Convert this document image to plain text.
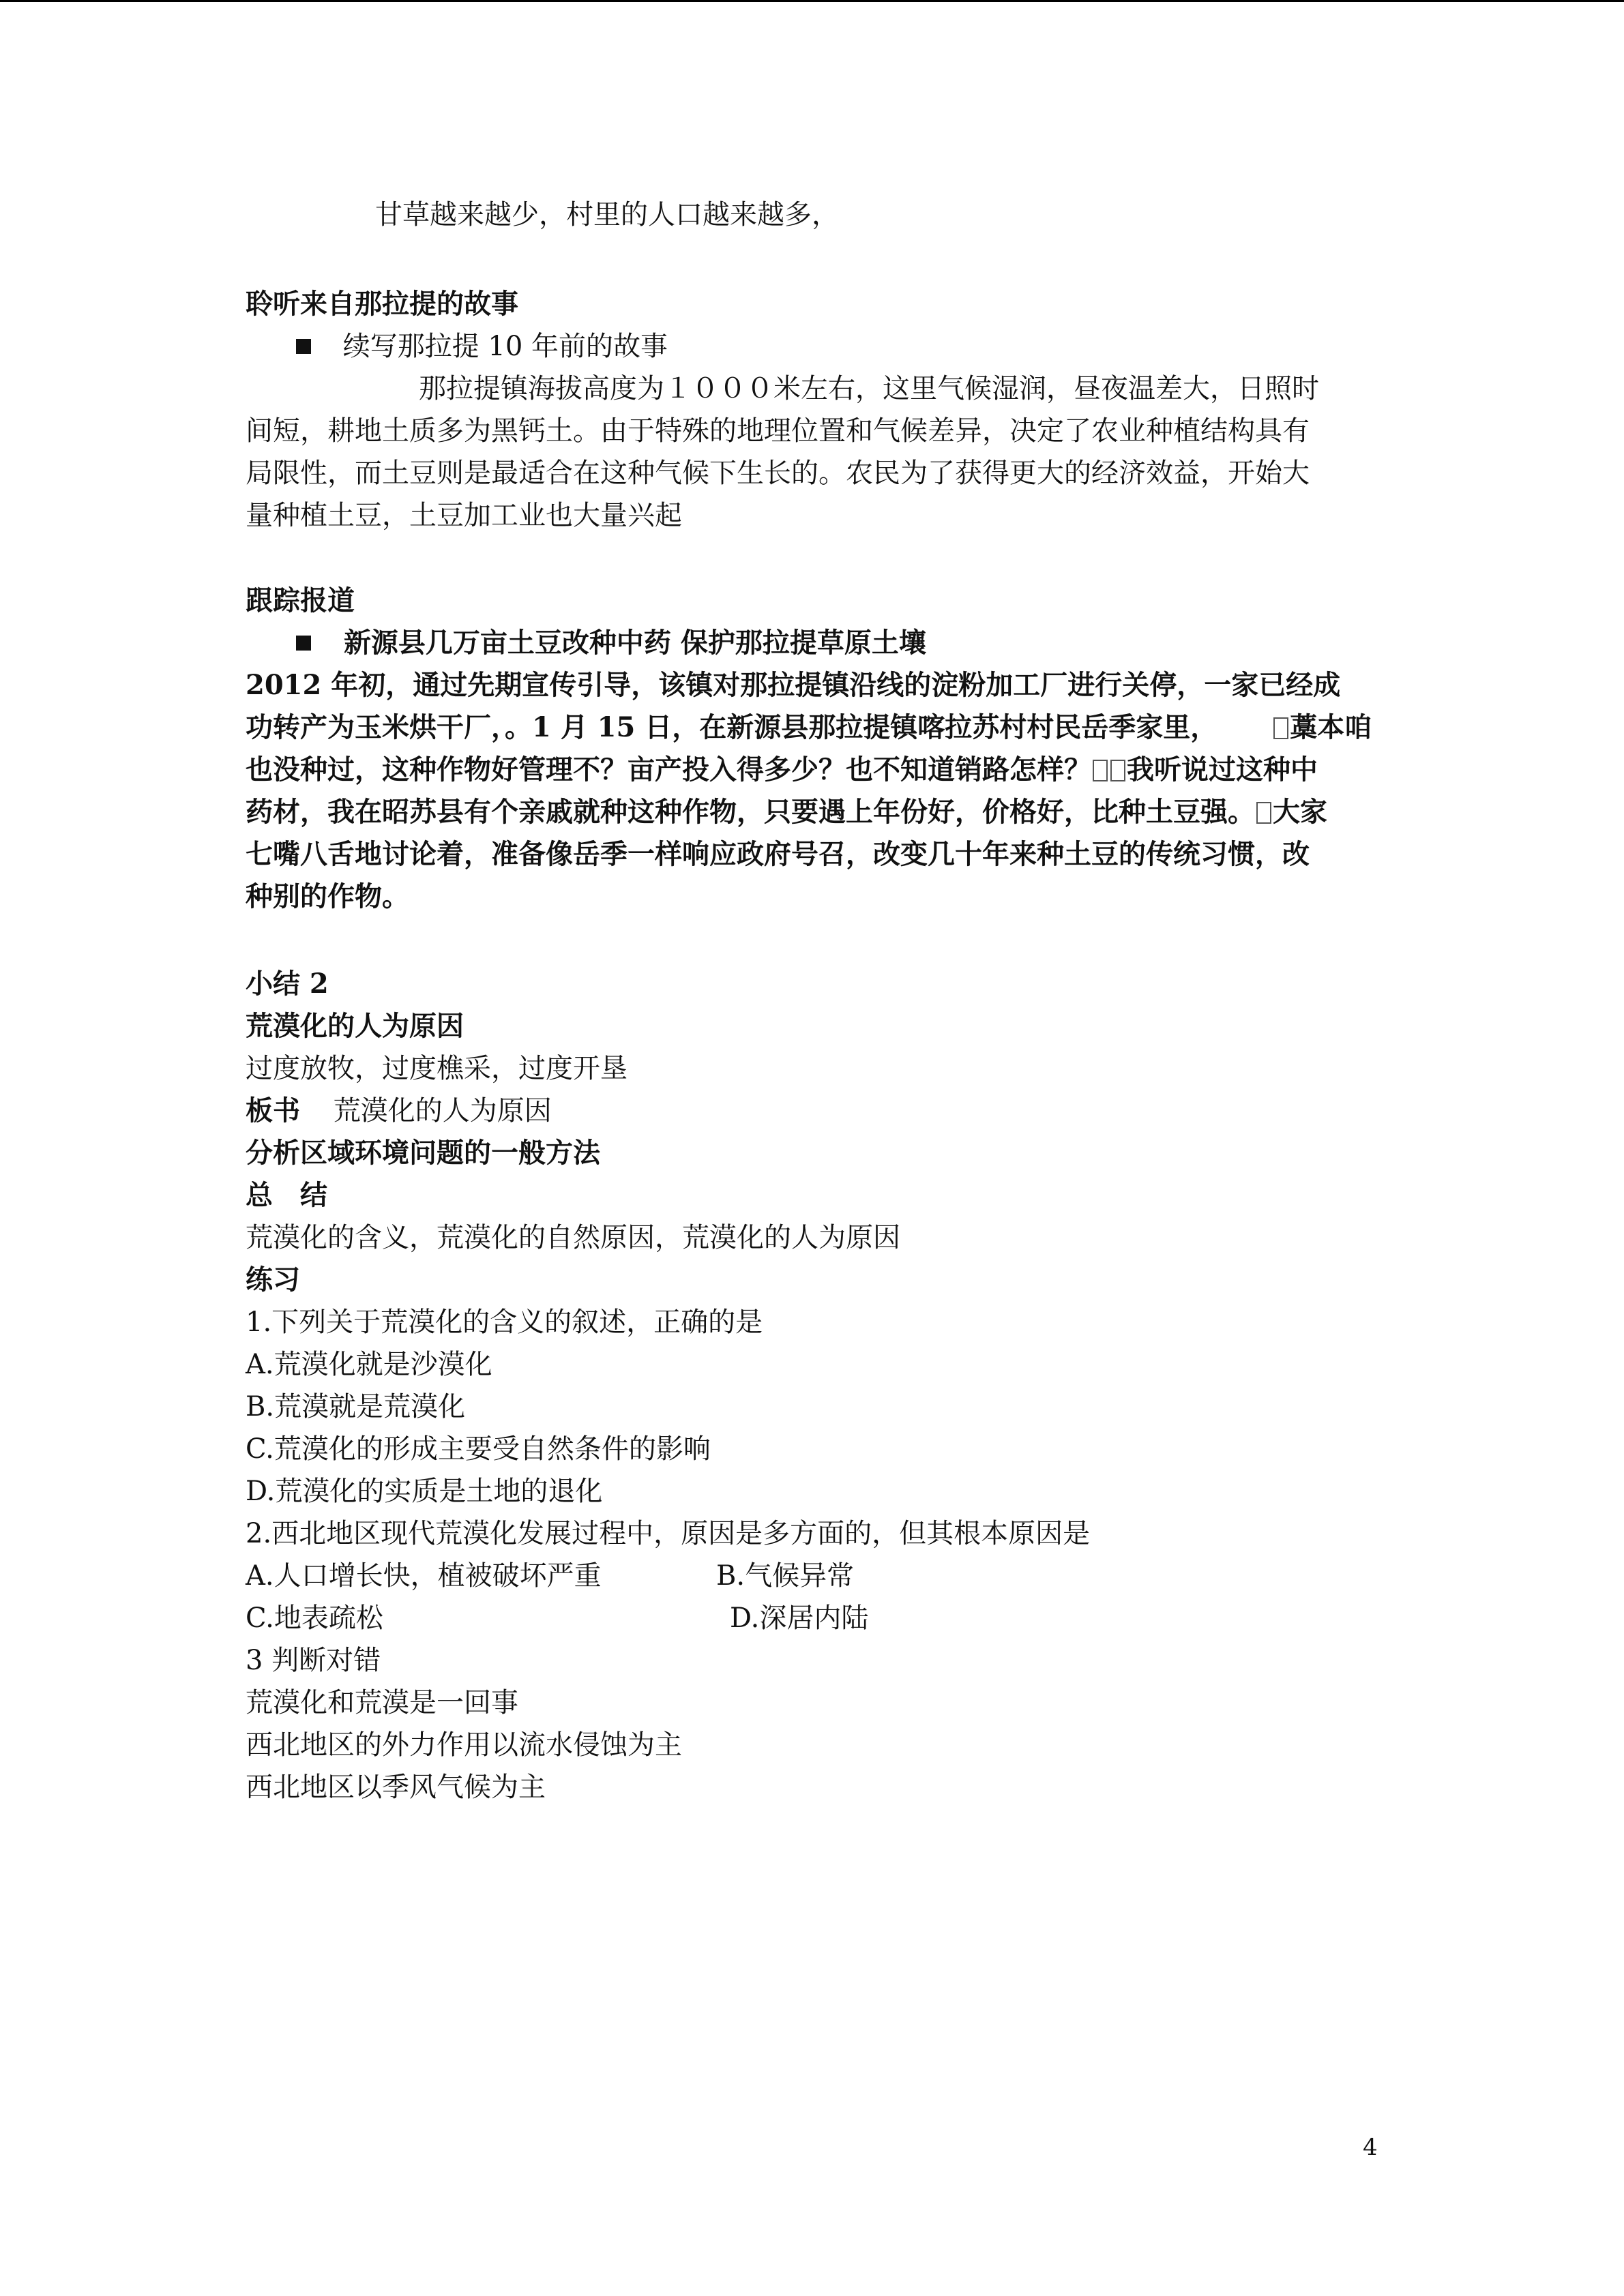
甘草越来越少，村里的人口越来越多，
聆听来自那拉提的故事
续写那拉提 10 年前的故事
那拉提镇海拔高度为１０００米左右，这里气候湿润，昼夜温差大，日照时
间短，耕地土质多为黑钙土。由于特殊的地理位置和气候差异，决定了农业种植结构具有
局限性，而土豆则是最适合在这种气候下生长的。农民为了获得更大的经济效益，开始大
量种植土豆，土豆加工业也大量兴起
跟踪报道
新源县几万亩土豆改种中药 保护那拉提草原土壤
2012 年初，通过先期宣传引导，该镇对那拉提镇沿线的淀粉加工厂进行关停，一家已经成
功转产为玉米烘干厂，。1 月 15 日，在新源县那拉提镇喀拉苏村村民岳季家里，	藁本咱
也没种过，这种作物好管理不？亩产投入得多少？也不知道销路怎样？ 我听说过这种中
药材，我在昭苏县有个亲戚就种这种作物，只要遇上年份好，价格好，比种土豆强。 大家
七嘴八舌地讨论着，准备像岳季一样响应政府号召，改变几十年来种土豆的传统习惯，改
种别的作物。
小结 2
荒漠化的人为原因
过度放牧，过度樵采，过度开垦
板书 荒漠化的人为原因
分析区域环境问题的一般方法
总　结
荒漠化的含义，荒漠化的自然原因，荒漠化的人为原因
练习
1.下列关于荒漠化的含义的叙述，正确的是
A.荒漠化就是沙漠化
B.荒漠就是荒漠化
C.荒漠化的形成主要受自然条件的影响
D.荒漠化的实质是土地的退化
2.西北地区现代荒漠化发展过程中，原因是多方面的，但其根本原因是
A.人口增长快，植被破坏严重	B.气候异常
C.地表疏松	D.深居内陆
3 判断对错
荒漠化和荒漠是一回事
西北地区的外力作用以流水侵蚀为主
西北地区以季风气候为主
4
